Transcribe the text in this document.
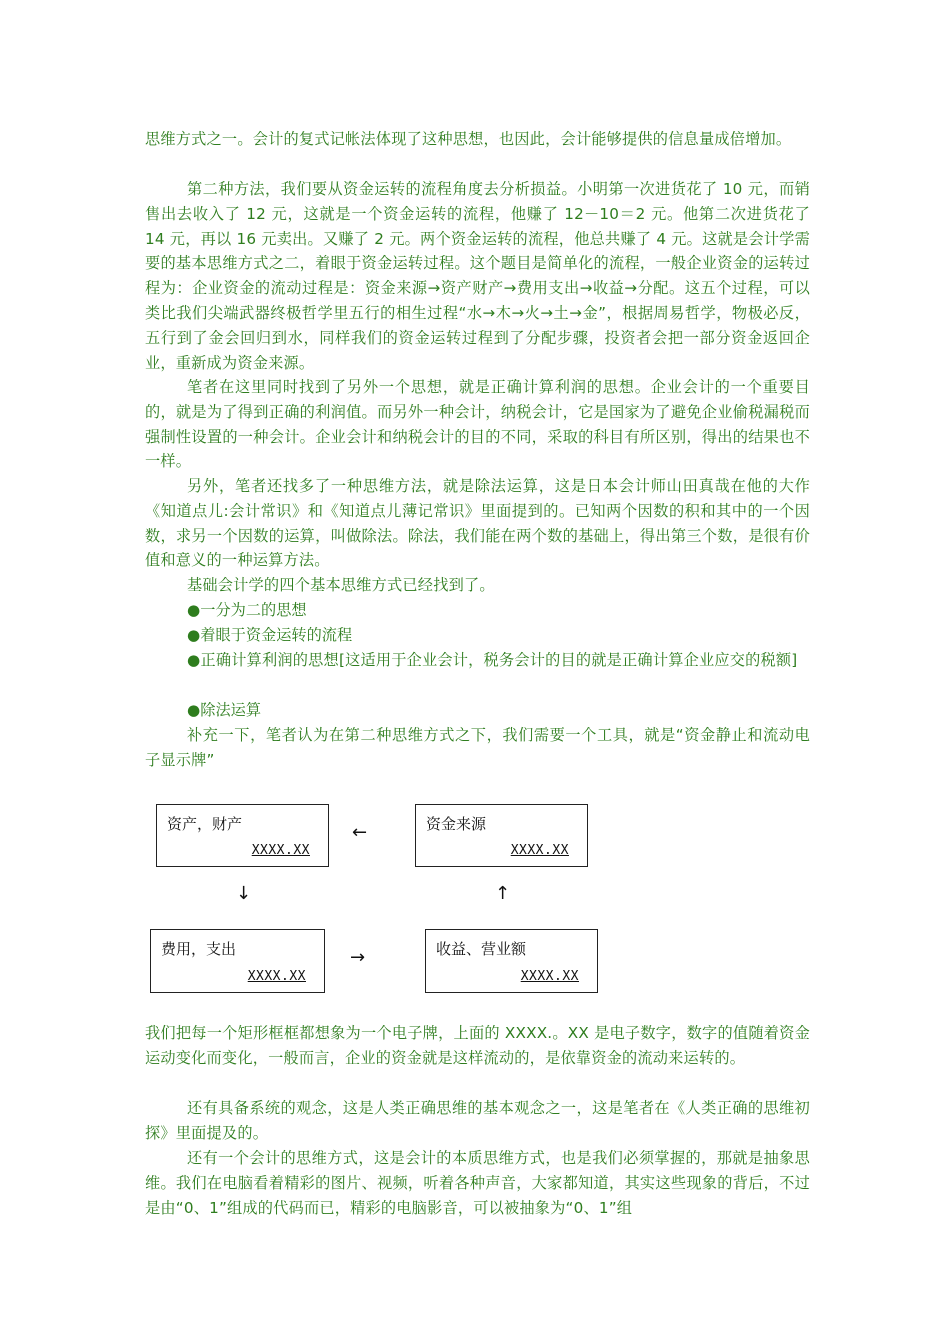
思维方式之一。会计的复式记帐法体现了这种思想，也因此，会计能够提供的信息量成倍增加。

第二种方法，我们要从资金运转的流程角度去分析损益。小明第一次进货花了 10 元，而销售出去收入了 12 元，这就是一个资金运转的流程，他赚了 12－10＝2 元。他第二次进货花了 14 元，再以 16 元卖出。又赚了 2 元。两个资金运转的流程，他总共赚了 4 元。这就是会计学需要的基本思维方式之二，着眼于资金运转过程。这个题目是简单化的流程，一般企业资金的运转过程为：企业资金的流动过程是：资金来源→资产财产→费用支出→收益→分配。这五个过程，可以类比我们尖端武器终极哲学里五行的相生过程“水→木→火→土→金”，根据周易哲学，物极必反，五行到了金会回归到水，同样我们的资金运转过程到了分配步骤，投资者会把一部分资金返回企业，重新成为资金来源。

笔者在这里同时找到了另外一个思想，就是正确计算利润的思想。企业会计的一个重要目的，就是为了得到正确的利润值。而另外一种会计，纳税会计，它是国家为了避免企业偷税漏税而强制性设置的一种会计。企业会计和纳税会计的目的不同，采取的科目有所区别，得出的结果也不一样。

另外，笔者还找多了一种思维方法，就是除法运算，这是日本会计师山田真哉在他的大作《知道点儿:会计常识》和《知道点儿薄记常识》里面提到的。已知两个因数的积和其中的一个因数，求另一个因数的运算，叫做除法。除法，我们能在两个数的基础上，得出第三个数，是很有价值和意义的一种运算方法。

基础会计学的四个基本思维方式已经找到了。

●一分为二的思想

●着眼于资金运转的流程

●正确计算利润的思想[这适用于企业会计，税务会计的目的就是正确计算企业应交的税额]

●除法运算

补充一下，笔者认为在第二种思维方式之下，我们需要一个工具，就是“资金静止和流动电子显示牌”

资产，财产
XXXX.XX
资金来源
XXXX.XX
费用，支出
XXXX.XX
收益、营业额
XXXX.XX
←
↓	↑
→

我们把每一个矩形框框都想象为一个电子牌，上面的 XXXX.。XX 是电子数字，数字的值随着资金运动变化而变化，一般而言，企业的资金就是这样流动的，是依靠资金的流动来运转的。

还有具备系统的观念，这是人类正确思维的基本观念之一，这是笔者在《人类正确的思维初探》里面提及的。

还有一个会计的思维方式，这是会计的本质思维方式，也是我们必须掌握的，那就是抽象思维。我们在电脑看着精彩的图片、视频，听着各种声音，大家都知道，其实这些现象的背后，不过是由“0、1”组成的代码而已，精彩的电脑影音，可以被抽象为“0、1”组
